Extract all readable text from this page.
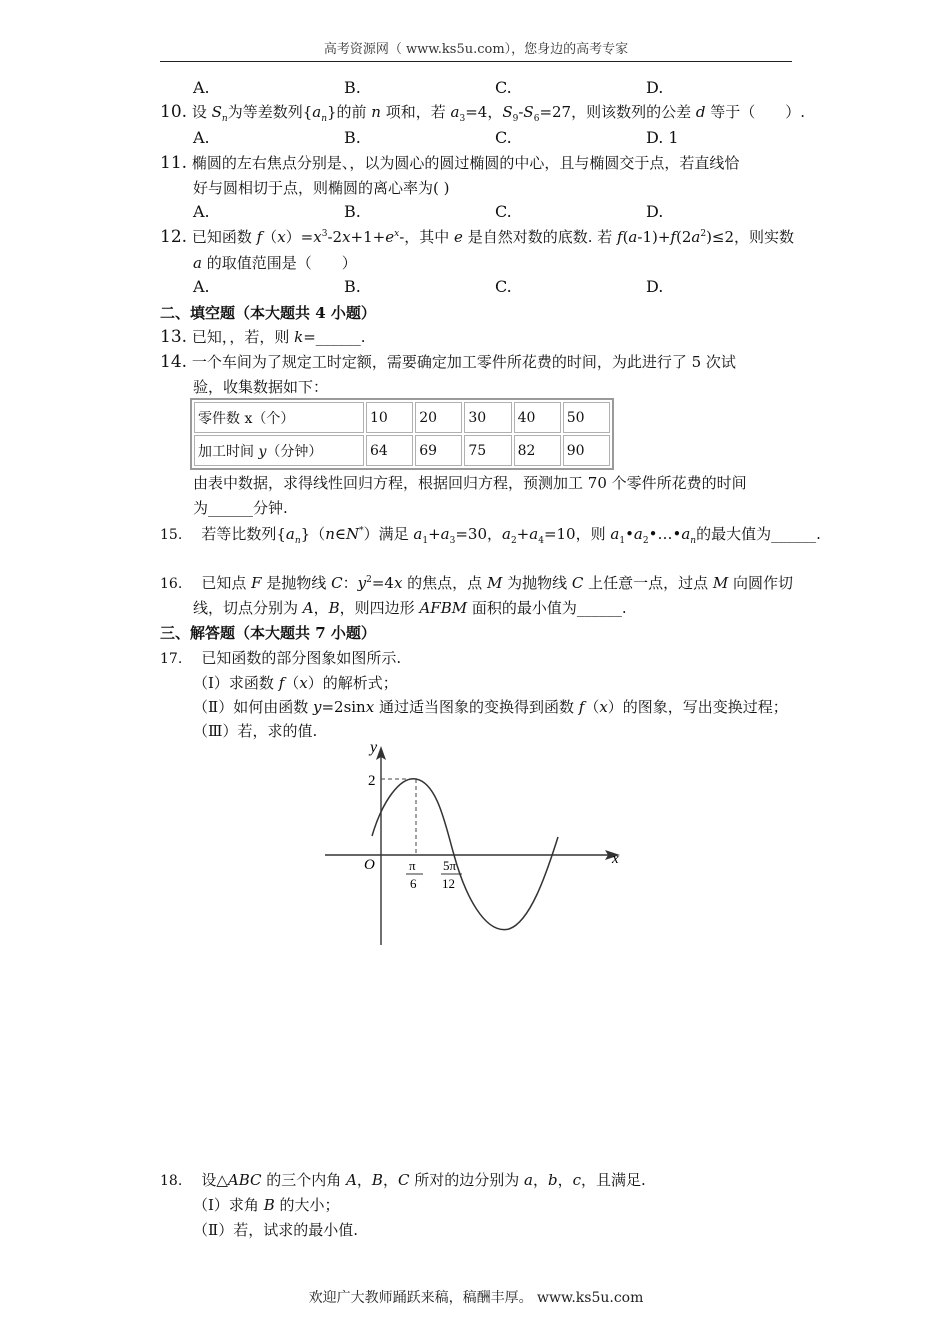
高考资源网（ www.ks5u.com），您身边的高考专家
A.	B.	C.	D.
10. 设 $S_n$为等差数列$\{a_n\}$的前 n 项和，若 $a_3=4$，$S_9-S_6=27$，则该数列的公差 d 等于（　　）.
A.	B.	C.	D. 1
11. 椭圆的左右焦点分别是、，以为圆心的圆过椭圆的中心，且与椭圆交于点，若直线恰
好与圆相切于点，则椭圆的离心率为( )
A.	B.	C.	D.
12. 已知函数 $f(x)=x^3-2x+1+e^x-$，其中 e 是自然对数的底数. 若 $f(a-1)+f(2a^2)\le 2$，则实数
a 的取值范围是（　　）
A.	B.	C.	D.
二、填空题（本大题共 4 小题）
13. 已知，，若，则 k=______.
14. 一个车间为了规定工时定额，需要确定加工零件所花费的时间，为此进行了 5 次试
验，收集数据如下：
零件数 x（个）	10	20	30	40	50
加工时间 y（分钟）	64	69	75	82	90
由表中数据，求得线性回归方程，根据回归方程，预测加工 70 个零件所花费的时间
为______分钟.
15. 若等比数列$\{a_n\}(n\in N^*)$满足 $a_1+a_3=30$，$a_2+a_4=10$，则 $a_1•a_2•\dots•a_n$的最大值为______.
16. 已知点 F 是抛物线 C：$y^2=4x$ 的焦点，点 M 为抛物线 C 上任意一点，过点 M 向圆作切
线，切点分别为 A，B，则四边形 AFBM 面积的最小值为______.
三、解答题（本大题共 7 小题）
17. 已知函数的部分图象如图所示.
（Ⅰ）求函数 f（x）的解析式；
（Ⅱ）如何由函数 y=2sinx 通过适当图象的变换得到函数 f（x）的图象，写出变换过程；
（Ⅲ）若，求的值.
y
x
O
2
π
6
5π
12
18. 设△ABC 的三个内角 A，B，C 所对的边分别为 a，b，c，且满足.
（Ⅰ）求角 B 的大小；
（Ⅱ）若，试求的最小值.
欢迎广大教师踊跃来稿，稿酬丰厚。 www.ks5u.com
